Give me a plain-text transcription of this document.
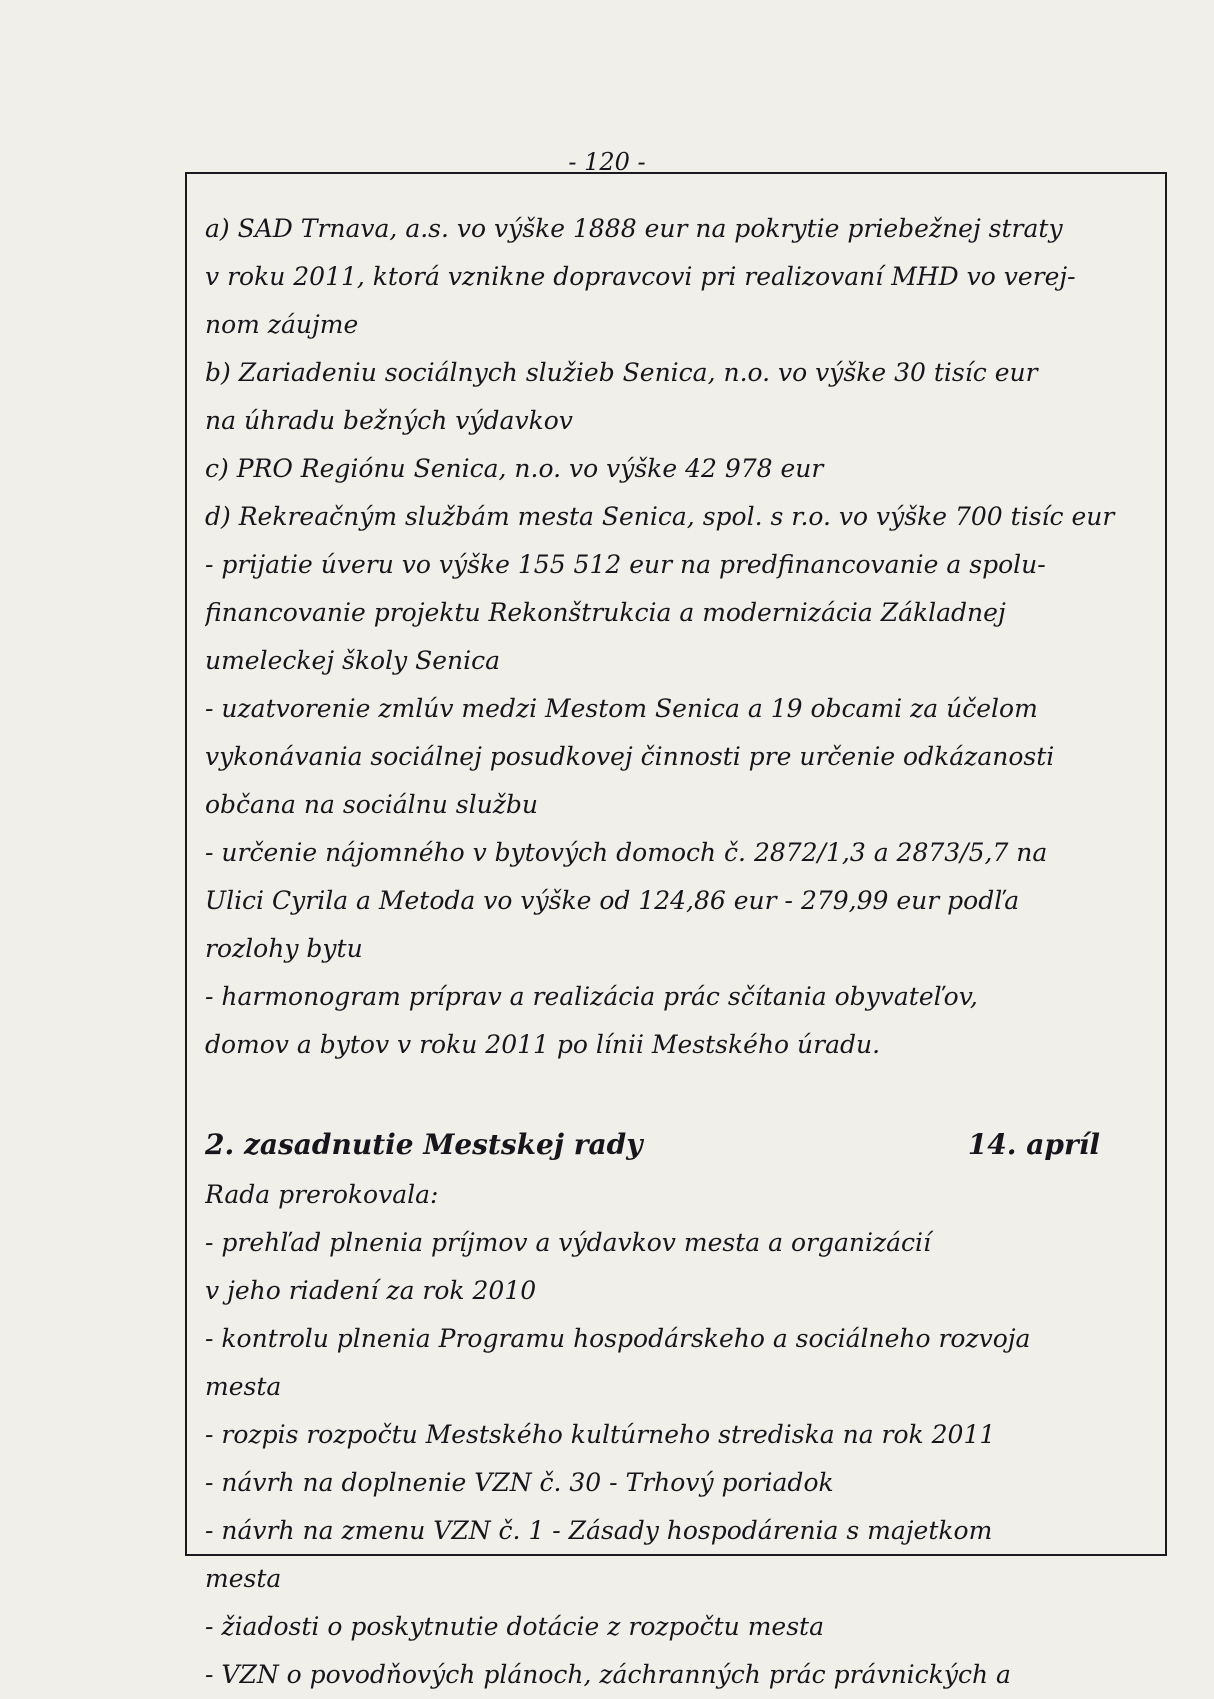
- 120 -
a) SAD Trnava, a.s. vo výške 1888 eur na pokrytie priebežnej straty
v roku 2011, ktorá vznikne dopravcovi pri realizovaní MHD vo verej-
nom záujme
b) Zariadeniu sociálnych služieb Senica, n.o. vo výške 30 tisíc eur
na úhradu bežných výdavkov
c) PRO Regiónu Senica, n.o. vo výške 42 978 eur
d) Rekreačným službám mesta Senica, spol. s r.o. vo výške 700 tisíc eur
- prijatie úveru vo výške 155 512 eur na predfinancovanie a spolu-
financovanie projektu Rekonštrukcia a modernizácia Základnej
umeleckej školy Senica
- uzatvorenie zmlúv medzi Mestom Senica a 19 obcami za účelom
vykonávania sociálnej posudkovej činnosti pre určenie odkázanosti
občana na sociálnu službu
- určenie nájomného v bytových domoch č. 2872/1,3 a 2873/5,7 na
Ulici Cyrila a Metoda vo výške od 124,86 eur - 279,99 eur podľa
rozlohy bytu
- harmonogram príprav a realizácia prác sčítania obyvateľov,
domov a bytov v roku 2011 po línii Mestského úradu.
2. zasadnutie Mestskej rady	14. apríl
Rada prerokovala:
- prehľad plnenia príjmov a výdavkov mesta a organizácií
v jeho riadení za rok 2010
- kontrolu plnenia Programu hospodárskeho a sociálneho rozvoja
mesta
- rozpis rozpočtu Mestského kultúrneho strediska na rok 2011
- návrh na doplnenie VZN č. 30 - Trhový poriadok
- návrh na zmenu VZN č. 1 - Zásady hospodárenia s majetkom
mesta
- žiadosti o poskytnutie dotácie z rozpočtu mesta
- VZN o povodňových plánoch, záchranných prác právnických a
